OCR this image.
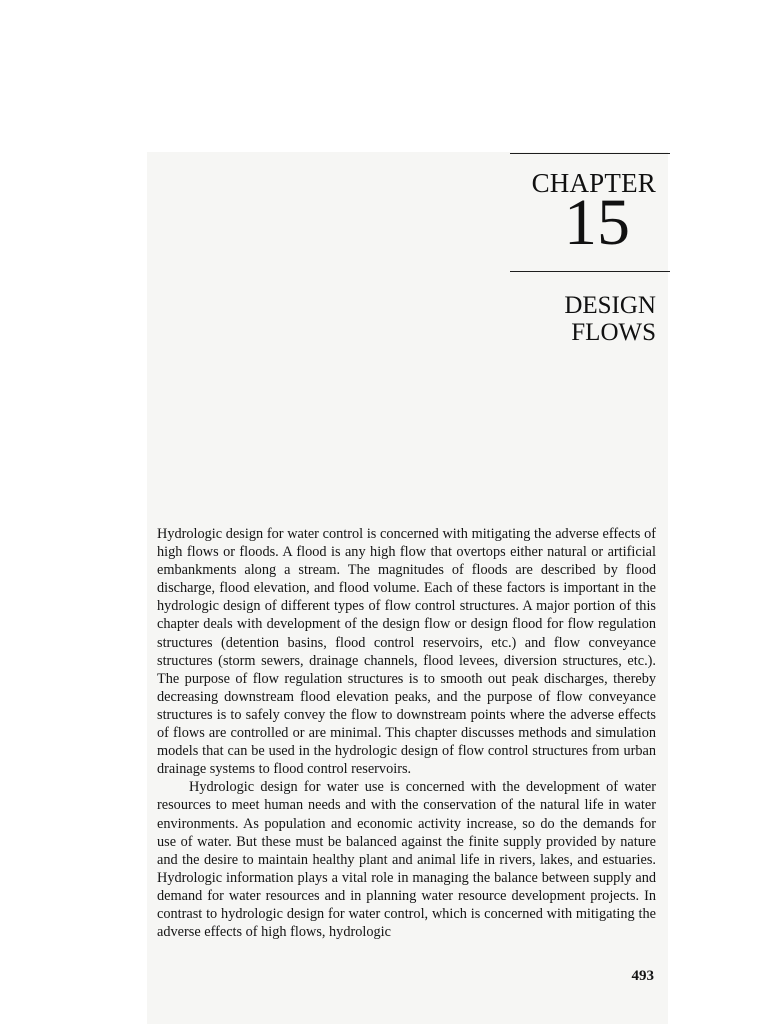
CHAPTER
15
DESIGN
FLOWS

Hydrologic design for water control is concerned with mitigating the adverse effects of high flows or floods. A flood is any high flow that overtops either natural or artificial embankments along a stream. The magnitudes of floods are described by flood discharge, flood elevation, and flood volume. Each of these factors is important in the hydrologic design of different types of flow control structures. A major portion of this chapter deals with development of the design flow or design flood for flow regulation structures (detention basins, flood control reservoirs, etc.) and flow conveyance structures (storm sewers, drainage channels, flood levees, diversion structures, etc.). The purpose of flow regulation structures is to smooth out peak discharges, thereby decreasing downstream flood elevation peaks, and the purpose of flow conveyance structures is to safely convey the flow to downstream points where the adverse effects of flows are controlled or are minimal. This chapter discusses methods and simulation models that can be used in the hydrologic design of flow control structures from urban drainage systems to flood control reservoirs.

Hydrologic design for water use is concerned with the development of water resources to meet human needs and with the conservation of the natural life in water environments. As population and economic activity increase, so do the demands for use of water. But these must be balanced against the finite supply provided by nature and the desire to maintain healthy plant and animal life in rivers, lakes, and estuaries. Hydrologic information plays a vital role in managing the balance between supply and demand for water resources and in planning water resource development projects. In contrast to hydrologic design for water control, which is concerned with mitigating the adverse effects of high flows, hydrologic

493
